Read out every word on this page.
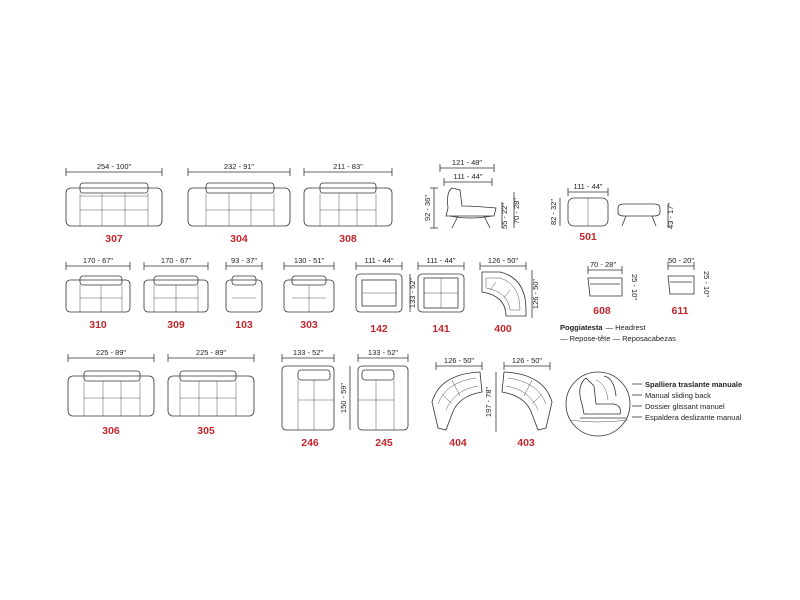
254 - 100"
307
232 - 91"
304
211 - 83"
308
121 - 48"
111 - 44"
92 - 36"	55 - 22" 70 - 28"
111 - 44"
82 - 32"	43 - 17"
501
170 - 67"
310
170 - 67"
309
93 - 37"
103
130 - 51"
303
111 - 44"
142
111 - 44"
133 - 52"
141
126 - 50"
126 - 50"
400
70 - 28"
25 - 10"
608
50 - 20"
25 - 10"
611
Poggiatesta — Headrest
— Repose-tête — Reposacabezas
225 - 89"
306
225 - 89"
305
133 - 52"
246
133 - 52"
150 - 59"
245
126 - 50"
404
126 - 50"
197 - 78"
403
Spalliera traslante manuale
Manual sliding back
Dossier glissant manuel
Espaldera deslizante manual
